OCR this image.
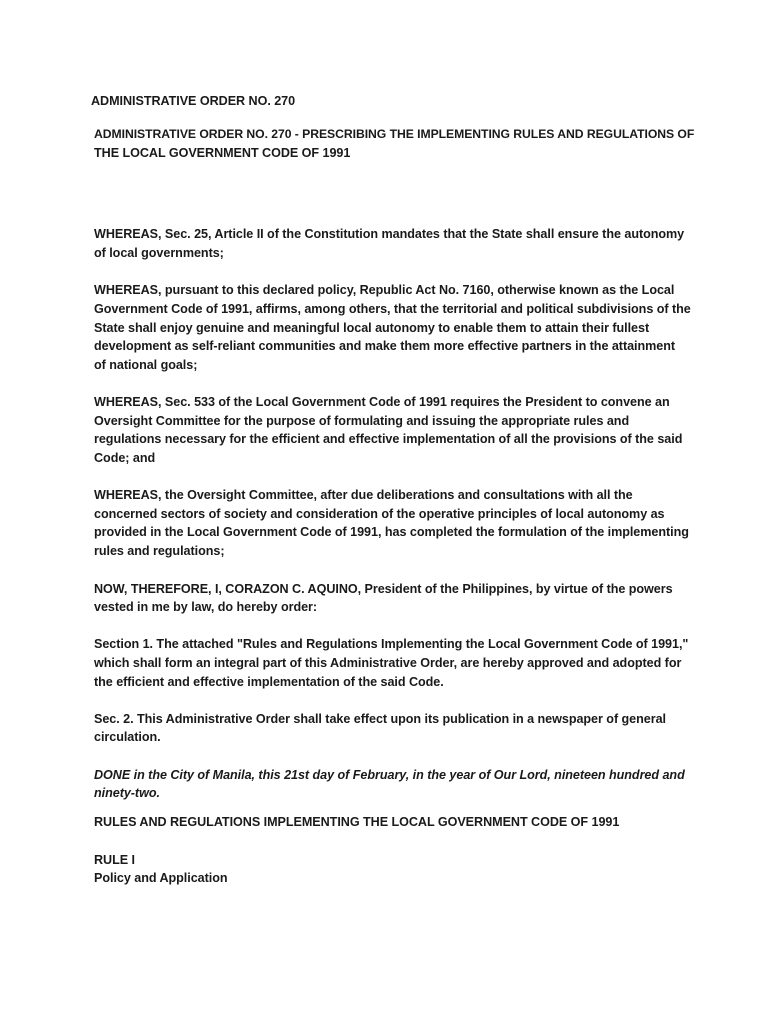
ADMINISTRATIVE ORDER NO. 270
ADMINISTRATIVE ORDER NO. 270 - PRESCRIBING THE IMPLEMENTING RULES AND REGULATIONS OF
THE LOCAL GOVERNMENT CODE OF 1991
WHEREAS, Sec. 25, Article II of the Constitution mandates that the State shall ensure the autonomy
of local governments;
WHEREAS, pursuant to this declared policy, Republic Act No. 7160, otherwise known as the Local
Government Code of 1991, affirms, among others, that the territorial and political subdivisions of the
State shall enjoy genuine and meaningful local autonomy to enable them to attain their fullest
development as self-reliant communities and make them more effective partners in the attainment
of national goals;
WHEREAS, Sec. 533 of the Local Government Code of 1991 requires the President to convene an
Oversight Committee for the purpose of formulating and issuing the appropriate rules and
regulations necessary for the efficient and effective implementation of all the provisions of the said
Code; and
WHEREAS, the Oversight Committee, after due deliberations and consultations with all the
concerned sectors of society and consideration of the operative principles of local autonomy as
provided in the Local Government Code of 1991, has completed the formulation of the implementing
rules and regulations;
NOW, THEREFORE, I, CORAZON C. AQUINO, President of the Philippines, by virtue of the powers
vested in me by law, do hereby order:
Section 1. The attached "Rules and Regulations Implementing the Local Government Code of 1991,"
which shall form an integral part of this Administrative Order, are hereby approved and adopted for
the efficient and effective implementation of the said Code.
Sec. 2. This Administrative Order shall take effect upon its publication in a newspaper of general
circulation.
DONE in the City of Manila, this 21st day of February, in the year of Our Lord, nineteen hundred and
ninety-two.
RULES AND REGULATIONS IMPLEMENTING THE LOCAL GOVERNMENT CODE OF 1991
RULE I
Policy and Application
